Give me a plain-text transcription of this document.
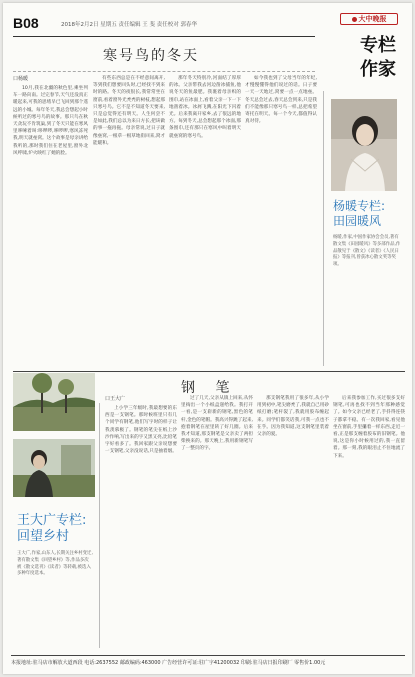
B08	2018年2月2日 星期五 责任编辑 王 斐 责任校对 郭春华
大中晚报
专栏
作家
寒号鸟的冬天
口杨暖
10月,我在北疆的秋色里,乘坐列车一路向南。过完春节,天气还没真正暖起来,可我的思绪早已飞回到那个遥远的小城。每年冬天,我总会想起小时候听过的寒号鸟的故事。那只鸟在秋天贪玩不肯筑巢,到了冬天只能在寒风里哆嗦着叫:哆啰啰,哆啰啰,寒风冻死我,明天就垒窝。这个故事是母亲讲给我听的,那时我们住在老屋里,窗外北风呼啸,炉火映红了她的脸。
有些东西总是在不经意间离开,等到我们想要回头时,已经找不到来时的路。冬天的夜很长,我常常坐在窗前,看着窗外光秃秃的树枝,想起那只寒号鸟。它不是不知道冬天要来,只是总觉得还有明天。人生何尝不是如此,我们总以为来日方长,把该做的事一拖再拖。母亲常说,过日子就像垒窝,一根草一根草地衔回来,窝才能暖和。
那年冬天特别冷,河面结了厚厚的冰。父亲带我去河边凿冰捕鱼,他说冬天的鱼最肥。我裹着母亲织的围巾,站在冰面上,看着父亲一下一下地凿着冰。冰屑飞溅,在阳光下闪着光。后来我离开家乡,去了很远的地方。每到冬天,总会想起那个冰面,那条围巾,还有那只在寒风中叫着明天就垒窝的寒号鸟。
如今我也到了父母当年的年纪,才慢慢懂得他们说过的话。日子要一天一天地过,窝要一点一点地垒。冬天总会过去,春天总会到来,只是我们不能像那只寒号鸟一样,总把希望寄托在明天。每一个今天,都值得认真对待。
杨暖专栏:
田园暖风
杨暖,作家,中国作家协会会员,著有散文集《田园暖风》等多部作品,作品散见于《散文》《读者》《人民日报》等报刊,曾获冰心散文奖等奖项。
钢 笔
王大广专栏:
回望乡村
王大广,作家,山东人,长期关注乡村变迁,著有散文集《回望乡村》等,作品多次被《散文选刊》《读者》等转载,被选入多种年度选本。
口王大广
上小学三年级时,我最想要的东西是一支钢笔。那时候班里只有几个同学有钢笔,他们写字时的样子让我羡慕极了。钢笔的笔尖在纸上沙沙作响,写出来的字又黑又亮,比铅笔字好看多了。我回家跟父亲说想要一支钢笔,父亲没说话,只是抽着烟。
过了几天,父亲从镇上回来,从怀里掏出一个小纸盒递给我。我打开一看,是一支崭新的钢笔,黑色的笔杆,金色的笔帽。我高兴得跳了起来,抱着钢笔在屋里转了好几圈。后来我才知道,那支钢笔是父亲卖了两担柴换来的。那天晚上,我用新钢笔写了一整页的字。
那支钢笔我用了很多年,从小学用到初中,笔尖磨秃了,我就自己用砂纸打磨;笔杆裂了,我就用胶布缠起来。同学们都笑话我,可我一点也不在乎。因为我知道,这支钢笔里装着父亲的爱。
后来我参加工作,买过很多支好钢笔,可再也找不到当年那种感觉了。如今父亲已经老了,手抖得连筷子都拿不稳。有一次我回家,看见他坐在窗前,手里攥着一样东西,走近一看,正是那支缠着胶布的旧钢笔。他说,这是你小时候用过的,我一直留着。那一刻,我的眼泪止不住地流了下来。
本报地址:驻马店市解放大道西段 电话:2637552 邮政编码:463000 广告经营许可证:驻广字41200032 印刷:驻马店日报印刷厂 零售价1.00元
